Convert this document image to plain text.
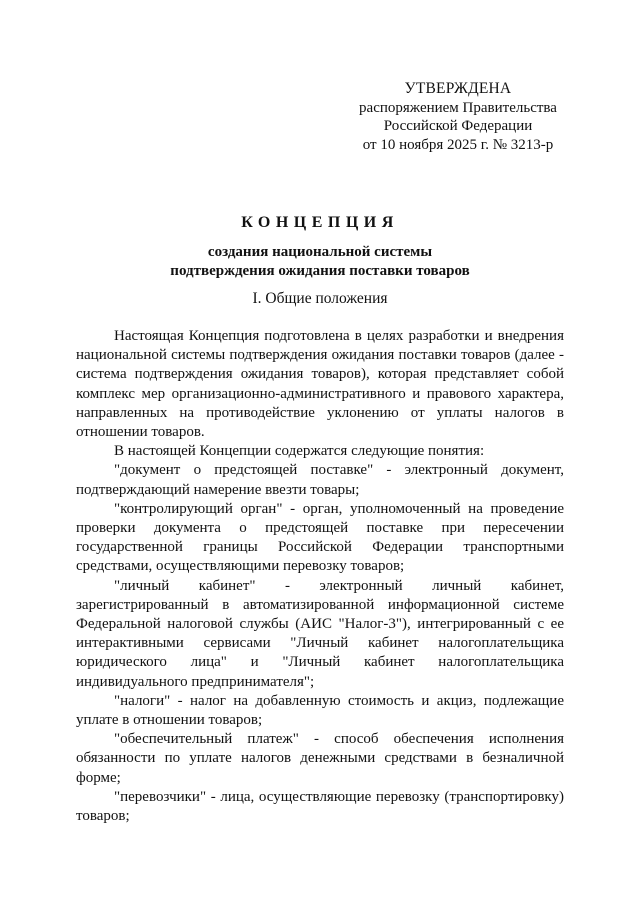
УТВЕРЖДЕНА
распоряжением Правительства
Российской Федерации
от 10 ноября 2025 г. № 3213-р
КОНЦЕПЦИЯ
создания национальной системы
подтверждения ожидания поставки товаров
I. Общие положения

Настоящая Концепция подготовлена в целях разработки и внедрения национальной системы подтверждения ожидания поставки товаров (далее - система подтверждения ожидания товаров), которая представляет собой комплекс мер организационно-административного и правового характера, направленных на противодействие уклонению от уплаты налогов в отношении товаров.

В настоящей Концепции содержатся следующие понятия:

"документ о предстоящей поставке" - электронный документ, подтверждающий намерение ввезти товары;

"контролирующий орган" - орган, уполномоченный на проведение проверки документа о предстоящей поставке при пересечении государственной границы Российской Федерации транспортными средствами, осуществляющими перевозку товаров;

"личный кабинет" - электронный личный кабинет, зарегистрированный в автоматизированной информационной системе Федеральной налоговой службы (АИС "Налог-3"), интегрированный с ее интерактивными сервисами "Личный кабинет налогоплательщика юридического лица" и "Личный кабинет налогоплательщика индивидуального предпринимателя";

"налоги" - налог на добавленную стоимость и акциз, подлежащие уплате в отношении товаров;

"обеспечительный платеж" - способ обеспечения исполнения обязанности по уплате налогов денежными средствами в безналичной форме;

"перевозчики" - лица, осуществляющие перевозку (транспортировку) товаров;
